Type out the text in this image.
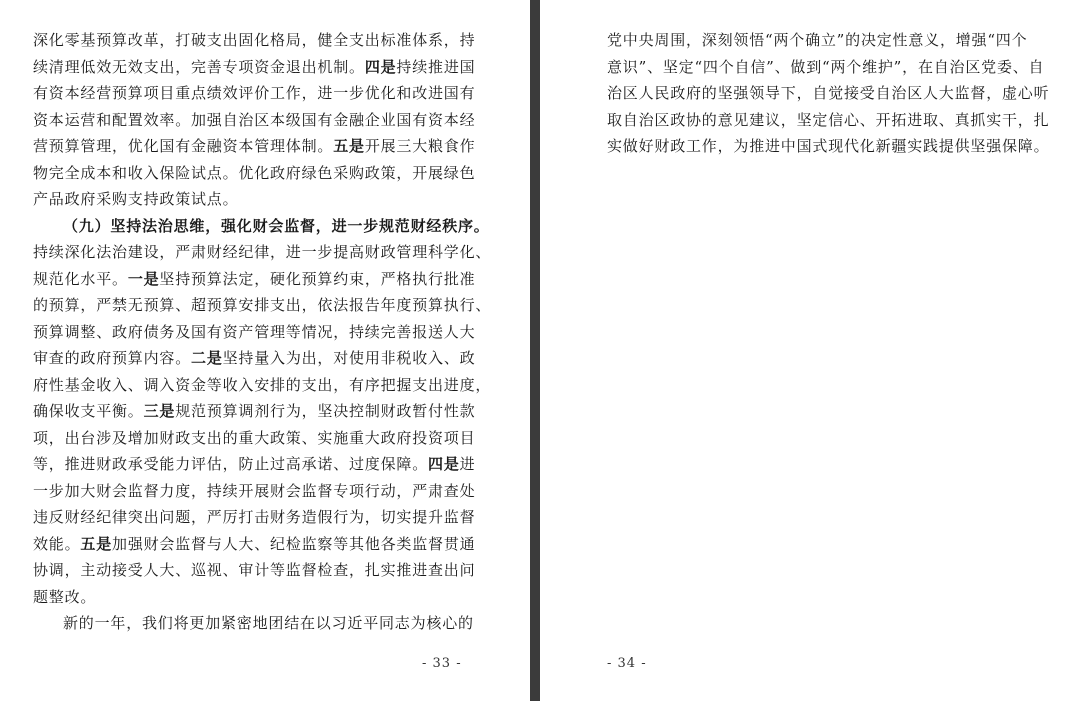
深化零基预算改革，打破支出固化格局，健全支出标准体系，持
续清理低效无效支出，完善专项资金退出机制。四是持续推进国
有资本经营预算项目重点绩效评价工作，进一步优化和改进国有
资本运营和配置效率。加强自治区本级国有金融企业国有资本经
营预算管理，优化国有金融资本管理体制。五是开展三大粮食作
物完全成本和收入保险试点。优化政府绿色采购政策，开展绿色
产品政府采购支持政策试点。
（九）坚持法治思维，强化财会监督，进一步规范财经秩序。
持续深化法治建设，严肃财经纪律，进一步提高财政管理科学化、
规范化水平。一是坚持预算法定，硬化预算约束，严格执行批准
的预算，严禁无预算、超预算安排支出，依法报告年度预算执行、
预算调整、政府债务及国有资产管理等情况，持续完善报送人大
审查的政府预算内容。二是坚持量入为出，对使用非税收入、政
府性基金收入、调入资金等收入安排的支出，有序把握支出进度，
确保收支平衡。三是规范预算调剂行为，坚决控制财政暂付性款
项，出台涉及增加财政支出的重大政策、实施重大政府投资项目
等，推进财政承受能力评估，防止过高承诺、过度保障。四是进
一步加大财会监督力度，持续开展财会监督专项行动，严肃查处
违反财经纪律突出问题，严厉打击财务造假行为，切实提升监督
效能。五是加强财会监督与人大、纪检监察等其他各类监督贯通
协调，主动接受人大、巡视、审计等监督检查，扎实推进查出问
题整改。
新的一年，我们将更加紧密地团结在以习近平同志为核心的
- 33 -
党中央周围，深刻领悟“两个确立”的决定性意义，增强“四个
意识”、坚定“四个自信”、做到“两个维护”，在自治区党委、自
治区人民政府的坚强领导下，自觉接受自治区人大监督，虚心听
取自治区政协的意见建议，坚定信心、开拓进取、真抓实干，扎
实做好财政工作，为推进中国式现代化新疆实践提供坚强保障。
- 34 -
